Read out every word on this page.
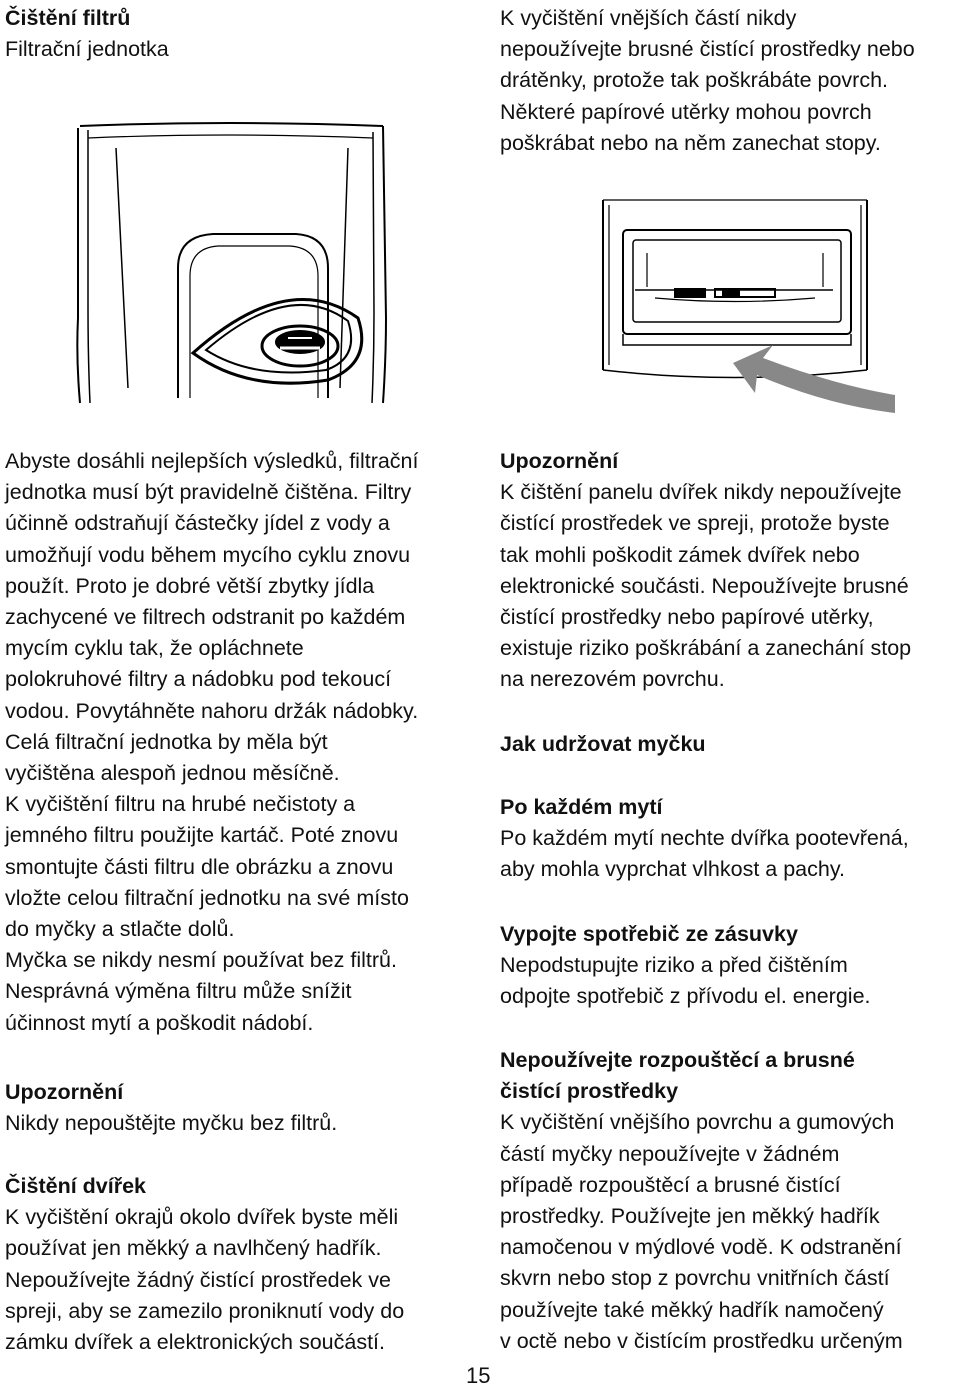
Čištění filtrů

Filtrační jednotka

Abyste dosáhli nejlepších výsledků, filtrační

jednotka musí být pravidelně čištěna. Filtry

účinně odstraňují částečky jídel z vody a

umožňují vodu během mycího cyklu znovu

použít. Proto je dobré větší zbytky jídla

zachycené ve filtrech odstranit po každém

mycím cyklu tak, že opláchnete

polokruhové filtry a nádobku pod tekoucí

vodou. Povytáhněte nahoru držák nádobky.

Celá filtrační jednotka by měla být

vyčištěna alespoň jednou měsíčně.

K vyčištění filtru na hrubé nečistoty a

jemného filtru použijte kartáč. Poté znovu

smontujte části filtru dle obrázku a znovu

vložte celou filtrační jednotku na své místo

do myčky a stlačte dolů.

Myčka se nikdy nesmí používat bez filtrů.

Nesprávná výměna filtru může snížit

účinnost mytí a poškodit nádobí.

Upozornění

Nikdy nepouštějte myčku bez filtrů.

Čištění dvířek

K vyčištění okrajů okolo dvířek byste měli

používat jen měkký a navlhčený hadřík.

Nepoužívejte žádný čistící prostředek ve

spreji, aby se zamezilo proniknutí vody do

zámku dvířek a elektronických součástí.

K vyčištění vnějších částí nikdy

nepoužívejte brusné čistící prostředky nebo

drátěnky, protože tak poškrábáte povrch.

Některé papírové utěrky mohou povrch

poškrábat nebo na něm zanechat stopy.

Upozornění

K čištění panelu dvířek nikdy nepoužívejte

čistící prostředek ve spreji, protože byste

tak mohli poškodit zámek dvířek nebo

elektronické součásti. Nepoužívejte brusné

čistící prostředky nebo papírové utěrky,

existuje riziko poškrábání a zanechání stop

na nerezovém povrchu.

Jak udržovat myčku

Po každém mytí

Po každém mytí nechte dvířka pootevřená,

aby mohla vyprchat vlhkost a pachy.

Vypojte spotřebič ze zásuvky

Nepodstupujte riziko a před čištěním

odpojte spotřebič z přívodu el. energie.

Nepoužívejte rozpouštěcí a brusné

čistící prostředky

K vyčištění vnějšího povrchu a gumových

částí myčky nepoužívejte v žádném

případě rozpouštěcí a brusné čistící

prostředky. Používejte jen měkký hadřík

namočenou v mýdlové vodě. K odstranění

skvrn nebo stop z povrchu vnitřních částí

používejte také měkký hadřík namočený

v octě nebo v čistícím prostředku určeným

15
